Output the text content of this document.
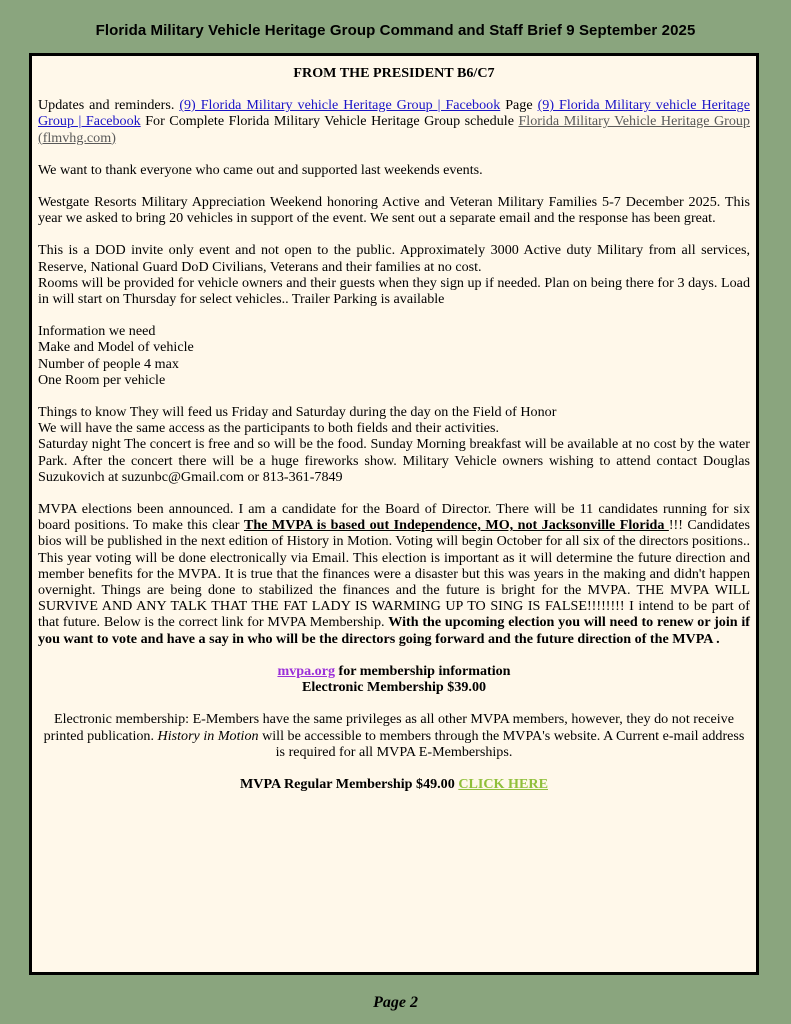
Florida Military Vehicle Heritage Group Command and Staff Brief 9 September 2025
FROM THE PRESIDENT B6/C7

Updates and reminders. (9) Florida Military vehicle Heritage Group | Facebook Page (9) Florida Military vehicle Heritage Group | Facebook For Complete Florida Military Vehicle Heritage Group schedule Florida Military Vehicle Heritage Group (flmvhg.com)

We want to thank everyone who came out and supported last weekends events.

Westgate Resorts Military Appreciation Weekend honoring Active and Veteran Military Families 5-7 December 2025. This year we asked to bring 20 vehicles in support of the event. We sent out a separate email and the response has been great.

This is a DOD invite only event and not open to the public. Approximately 3000 Active duty Military from all services, Reserve, National Guard DoD Civilians, Veterans and their families at no cost.
Rooms will be provided for vehicle owners and their guests when they sign up if needed. Plan on being there for 3 days. Load in will start on Thursday for select vehicles.. Trailer Parking is available

Information we need
Make and Model of vehicle
Number of people 4 max
One Room per vehicle

Things to know They will feed us Friday and Saturday during the day on the Field of Honor
We will have the same access as the participants to both fields and their activities.
Saturday night The concert is free and so will be the food. Sunday Morning breakfast will be available at no cost by the water Park. After the concert there will be a huge fireworks show. Military Vehicle owners wishing to attend contact Douglas Suzukovich at suzunbc@Gmail.com or 813-361-7849

MVPA elections been announced. I am a candidate for the Board of Director. There will be 11 candidates running for six board positions. To make this clear The MVPA is based out Independence, MO, not Jacksonville Florida !!! Candidates bios will be published in the next edition of History in Motion. Voting will begin October for all six of the directors positions.. This year voting will be done electronically via Email. This election is important as it will determine the future direction and member benefits for the MVPA. It is true that the finances were a disaster but this was years in the making and didn't happen overnight. Things are being done to stabilized the finances and the future is bright for the MVPA. THE MVPA WILL SURVIVE AND ANY TALK THAT THE FAT LADY IS WARMING UP TO SING IS FALSE!!!!!!!! I intend to be part of that future. Below is the correct link for MVPA Membership. With the upcoming election you will need to renew or join if you want to vote and have a say in who will be the directors going forward and the future direction of the MVPA .

mvpa.org for membership information
Electronic Membership $39.00

Electronic membership: E-Members have the same privileges as all other MVPA members, however, they do not receive printed publication. History in Motion will be accessible to members through the MVPA's website. A Current e-mail address is required for all MVPA E-Memberships.

MVPA Regular Membership $49.00 CLICK HERE

Page 2
